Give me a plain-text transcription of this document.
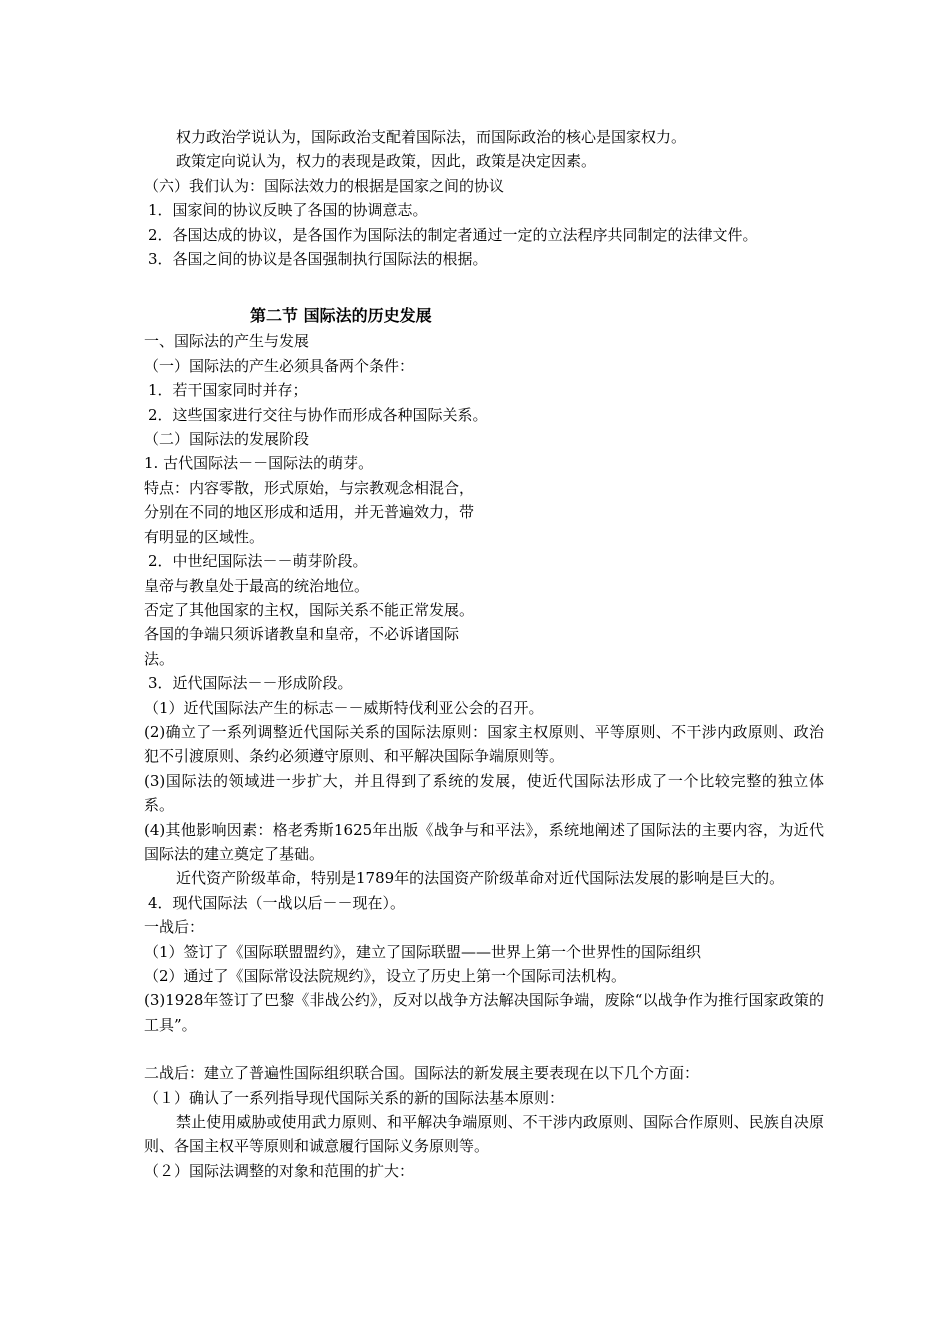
权力政治学说认为，国际政治支配着国际法，而国际政治的核心是国家权力。
政策定向说认为，权力的表现是政策，因此，政策是决定因素。
（六）我们认为：国际法效力的根据是国家之间的协议
1．国家间的协议反映了各国的协调意志。
2．各国达成的协议，是各国作为国际法的制定者通过一定的立法程序共同制定的法律文件。
3．各国之间的协议是各国强制执行国际法的根据。
第二节 国际法的历史发展
一、国际法的产生与发展
（一）国际法的产生必须具备两个条件：
1．若干国家同时并存；
2．这些国家进行交往与协作而形成各种国际关系。
（二）国际法的发展阶段
1. 古代国际法－－国际法的萌芽。
特点：内容零散，形式原始，与宗教观念相混合，
分别在不同的地区形成和适用，并无普遍效力，带
有明显的区域性。
2．中世纪国际法－－萌芽阶段。
皇帝与教皇处于最高的统治地位。
否定了其他国家的主权，国际关系不能正常发展。
各国的争端只须诉诸教皇和皇帝，不必诉诸国际
法。
3．近代国际法－－形成阶段。
（1）近代国际法产生的标志－－威斯特伐利亚公会的召开。
(2)确立了一系列调整近代国际关系的国际法原则：国家主权原则、平等原则、不干涉内政原则、政治犯不引渡原则、条约必须遵守原则、和平解决国际争端原则等。
(3)国际法的领域进一步扩大，并且得到了系统的发展，使近代国际法形成了一个比较完整的独立体系。
(4)其他影响因素：格老秀斯1625年出版《战争与和平法》，系统地阐述了国际法的主要内容，为近代国际法的建立奠定了基础。
近代资产阶级革命，特别是1789年的法国资产阶级革命对近代国际法发展的影响是巨大的。
4．现代国际法（一战以后－－现在）。
一战后：
（1）签订了《国际联盟盟约》，建立了国际联盟——世界上第一个世界性的国际组织
（2）通过了《国际常设法院规约》，设立了历史上第一个国际司法机构。
(3)1928年签订了巴黎《非战公约》，反对以战争方法解决国际争端，废除“以战争作为推行国家政策的工具”。
二战后：建立了普遍性国际组织联合国。国际法的新发展主要表现在以下几个方面：
（１）确认了一系列指导现代国际关系的新的国际法基本原则：
禁止使用威胁或使用武力原则、和平解决争端原则、不干涉内政原则、国际合作原则、民族自决原则、各国主权平等原则和诚意履行国际义务原则等。
（２）国际法调整的对象和范围的扩大：
